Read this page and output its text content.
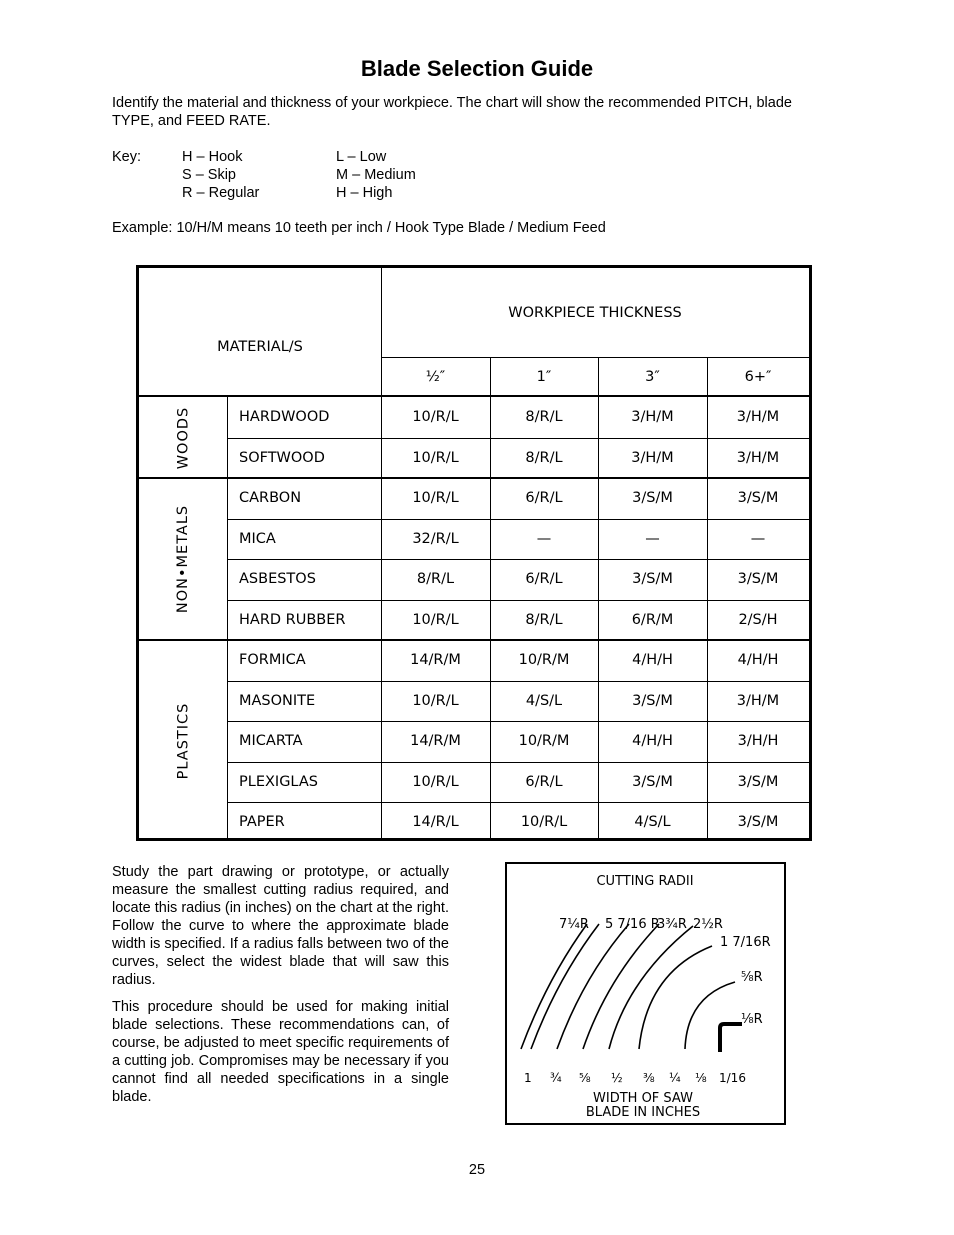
Blade Selection Guide
Identify the material and thickness of your workpiece. The chart will show the recommended PITCH, blade TYPE, and FEED RATE.
Key:	H – Hook
S – Skip
R – Regular
L – Low
M – Medium
H – High
Example: 10/H/M means 10 teeth per inch / Hook Type Blade / Medium Feed
MATERIAL/S
WORKPIECE THICKNESS
½″	1″	3″	6+″
WOODS	HARDWOOD	10/R/L	8/R/L	3/H/M	3/H/M
SOFTWOOD	10/R/L	8/R/L	3/H/M	3/H/M
NON•METALS
CARBON	10/R/L	6/R/L	3/S/M	3/S/M
MICA	32/R/L	—	—	—
ASBESTOS	8/R/L	6/R/L	3/S/M	3/S/M
HARD RUBBER	10/R/L	8/R/L	6/R/M	2/S/H
PLASTICS
FORMICA	14/R/M	10/R/M	4/H/H	4/H/H
MASONITE	10/R/L	4/S/L	3/S/M	3/H/M
MICARTA	14/R/M	10/R/M	4/H/H	3/H/H
PLEXIGLAS	10/R/L	6/R/L	3/S/M	3/S/M
PAPER	14/R/L	10/R/L	4/S/L	3/S/M
Study the part drawing or prototype, or actually measure the smallest cutting radius required, and locate this radius (in inches) on the chart at the right. Follow the curve to where the approximate blade width is specified. If a radius falls between two of the curves, select the widest blade that will saw this radius.
This procedure should be used for making initial blade selections. These recommendations can, of course, be adjusted to meet specific requirements of a cutting job. Compromises may be necessary if you cannot find all needed specifications in a single blade.
CUTTING RADII
7¼R 5 7/16 R
3¾R 2½R
1 7/16R
⅝R
⅛R
1 ¾ ⅝ ½ ⅜ ¼ ⅛ 1/16
WIDTH OF SAW
BLADE IN INCHES
25
